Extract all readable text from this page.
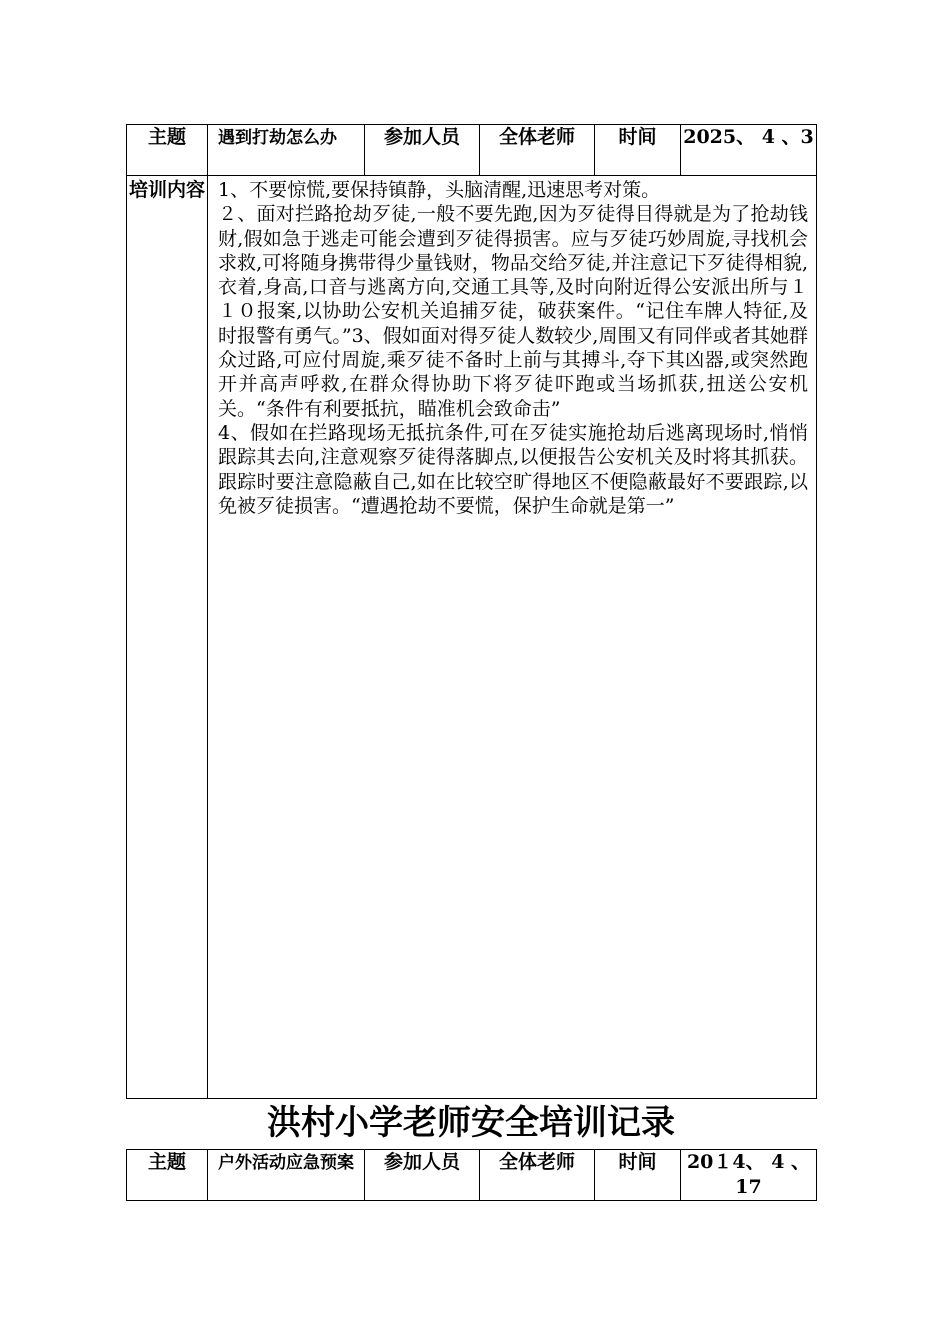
主题	遇到打劫怎么办	参加人员	全体老师	时间	2025、 4 、3
培训内容	1、不要惊慌,要保持镇静，头脑清醒,迅速思考对策。

２、面对拦路抢劫歹徒,一般不要先跑,因为歹徒得目得就是为了抢劫钱财,假如急于逃走可能会遭到歹徒得损害。应与歹徒巧妙周旋,寻找机会求救,可将随身携带得少量钱财，物品交给歹徒,并注意记下歹徒得相貌,衣着,身高,口音与逃离方向,交通工具等,及时向附近得公安派出所与１１０报案,以协助公安机关追捕歹徒，破获案件。“记住车牌人特征,及时报警有勇气。”3、假如面对得歹徒人数较少,周围又有同伴或者其她群众过路,可应付周旋,乘歹徒不备时上前与其搏斗,夺下其凶器,或突然跑开并高声呼救,在群众得协助下将歹徒吓跑或当场抓获,扭送公安机关。“条件有利要抵抗，瞄准机会致命击”

4、假如在拦路现场无抵抗条件,可在歹徒实施抢劫后逃离现场时,悄悄跟踪其去向,注意观察歹徒得落脚点,以便报告公安机关及时将其抓获。跟踪时要注意隐蔽自己,如在比较空旷得地区不便隐蔽最好不要跟踪,以免被歹徒损害。“遭遇抢劫不要慌，保护生命就是第一”				

洪村小学老师安全培训记录
主题	户外活动应急预案	参加人员	全体老师	时间	20１4、 4 、17
